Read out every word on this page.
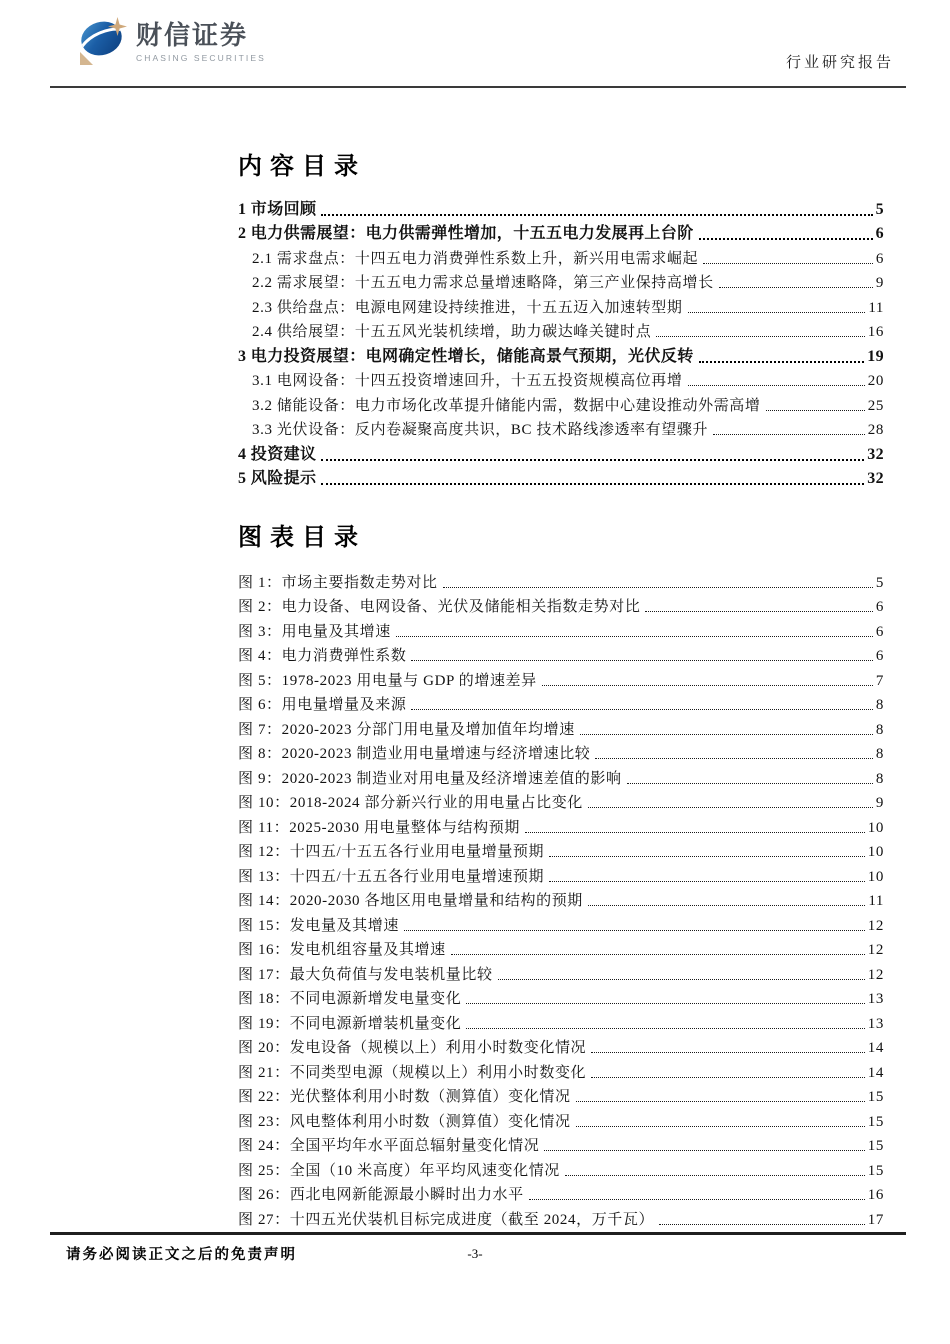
财信证券
CHASING SECURITIES	行业研究报告
内容目录
1 市场回顾	5
2 电力供需展望：电力供需弹性增加，十五五电力发展再上台阶	6
2.1 需求盘点：十四五电力消费弹性系数上升，新兴用电需求崛起	6
2.2 需求展望：十五五电力需求总量增速略降，第三产业保持高增长	9
2.3 供给盘点：电源电网建设持续推进，十五五迈入加速转型期	11
2.4 供给展望：十五五风光装机续增，助力碳达峰关键时点	16
3 电力投资展望：电网确定性增长，储能高景气预期，光伏反转	19
3.1 电网设备：十四五投资增速回升，十五五投资规模高位再增	20
3.2 储能设备：电力市场化改革提升储能内需，数据中心建设推动外需高增	25
3.3 光伏设备：反内卷凝聚高度共识，BC 技术路线渗透率有望骤升	28
4 投资建议	32
5 风险提示	32
图表目录
图 1：市场主要指数走势对比	5
图 2：电力设备、电网设备、光伏及储能相关指数走势对比	6
图 3：用电量及其增速	6
图 4：电力消费弹性系数	6
图 5：1978-2023 用电量与 GDP 的增速差异	7
图 6：用电量增量及来源	8
图 7：2020-2023 分部门用电量及增加值年均增速	8
图 8：2020-2023 制造业用电量增速与经济增速比较	8
图 9：2020-2023 制造业对用电量及经济增速差值的影响	8
图 10：2018-2024 部分新兴行业的用电量占比变化	9
图 11：2025-2030 用电量整体与结构预期	10
图 12：十四五/十五五各行业用电量增量预期	10
图 13：十四五/十五五各行业用电量增速预期	10
图 14：2020-2030 各地区用电量增量和结构的预期	11
图 15：发电量及其增速	12
图 16：发电机组容量及其增速	12
图 17：最大负荷值与发电装机量比较	12
图 18：不同电源新增发电量变化	13
图 19：不同电源新增装机量变化	13
图 20：发电设备（规模以上）利用小时数变化情况	14
图 21：不同类型电源（规模以上）利用小时数变化	14
图 22：光伏整体利用小时数（测算值）变化情况	15
图 23：风电整体利用小时数（测算值）变化情况	15
图 24：全国平均年水平面总辐射量变化情况	15
图 25：全国（10 米高度）年平均风速变化情况	15
图 26：西北电网新能源最小瞬时出力水平	16
图 27：十四五光伏装机目标完成进度（截至 2024，万千瓦）	17
请务必阅读正文之后的免责声明	-3-
